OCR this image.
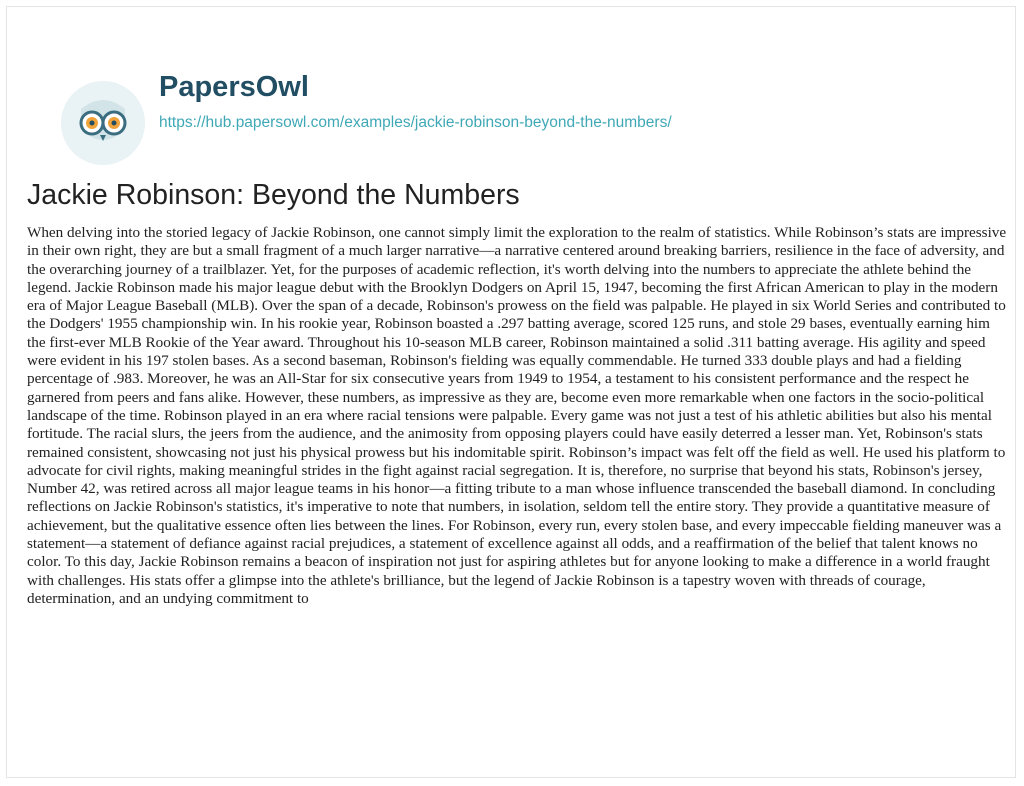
PapersOwl
https://hub.papersowl.com/examples/jackie-robinson-beyond-the-numbers/
Jackie Robinson: Beyond the Numbers

When delving into the storied legacy of Jackie Robinson, one cannot simply limit the exploration to the realm of statistics. While Robinson’s stats are impressive in their own right, they are but a small fragment of a much larger narrative—a narrative centered around breaking barriers, resilience in the face of adversity, and the overarching journey of a trailblazer. Yet, for the purposes of academic reflection, it's worth delving into the numbers to appreciate the athlete behind the legend. Jackie Robinson made his major league debut with the Brooklyn Dodgers on April 15, 1947, becoming the first African American to play in the modern era of Major League Baseball (MLB). Over the span of a decade, Robinson's prowess on the field was palpable. He played in six World Series and contributed to the Dodgers' 1955 championship win. In his rookie year, Robinson boasted a .297 batting average, scored 125 runs, and stole 29 bases, eventually earning him the first-ever MLB Rookie of the Year award. Throughout his 10-season MLB career, Robinson maintained a solid .311 batting average. His agility and speed were evident in his 197 stolen bases. As a second baseman, Robinson's fielding was equally commendable. He turned 333 double plays and had a fielding percentage of .983. Moreover, he was an All-Star for six consecutive years from 1949 to 1954, a testament to his consistent performance and the respect he garnered from peers and fans alike. However, these numbers, as impressive as they are, become even more remarkable when one factors in the socio-political landscape of the time. Robinson played in an era where racial tensions were palpable. Every game was not just a test of his athletic abilities but also his mental fortitude. The racial slurs, the jeers from the audience, and the animosity from opposing players could have easily deterred a lesser man. Yet, Robinson's stats remained consistent, showcasing not just his physical prowess but his indomitable spirit. Robinson’s impact was felt off the field as well. He used his platform to advocate for civil rights, making meaningful strides in the fight against racial segregation. It is, therefore, no surprise that beyond his stats, Robinson's jersey, Number 42, was retired across all major league teams in his honor—a fitting tribute to a man whose influence transcended the baseball diamond. In concluding reflections on Jackie Robinson's statistics, it's imperative to note that numbers, in isolation, seldom tell the entire story. They provide a quantitative measure of achievement, but the qualitative essence often lies between the lines. For Robinson, every run, every stolen base, and every impeccable fielding maneuver was a statement—a statement of defiance against racial prejudices, a statement of excellence against all odds, and a reaffirmation of the belief that talent knows no color. To this day, Jackie Robinson remains a beacon of inspiration not just for aspiring athletes but for anyone looking to make a difference in a world fraught with challenges. His stats offer a glimpse into the athlete's brilliance, but the legend of Jackie Robinson is a tapestry woven with threads of courage, determination, and an undying commitment to
